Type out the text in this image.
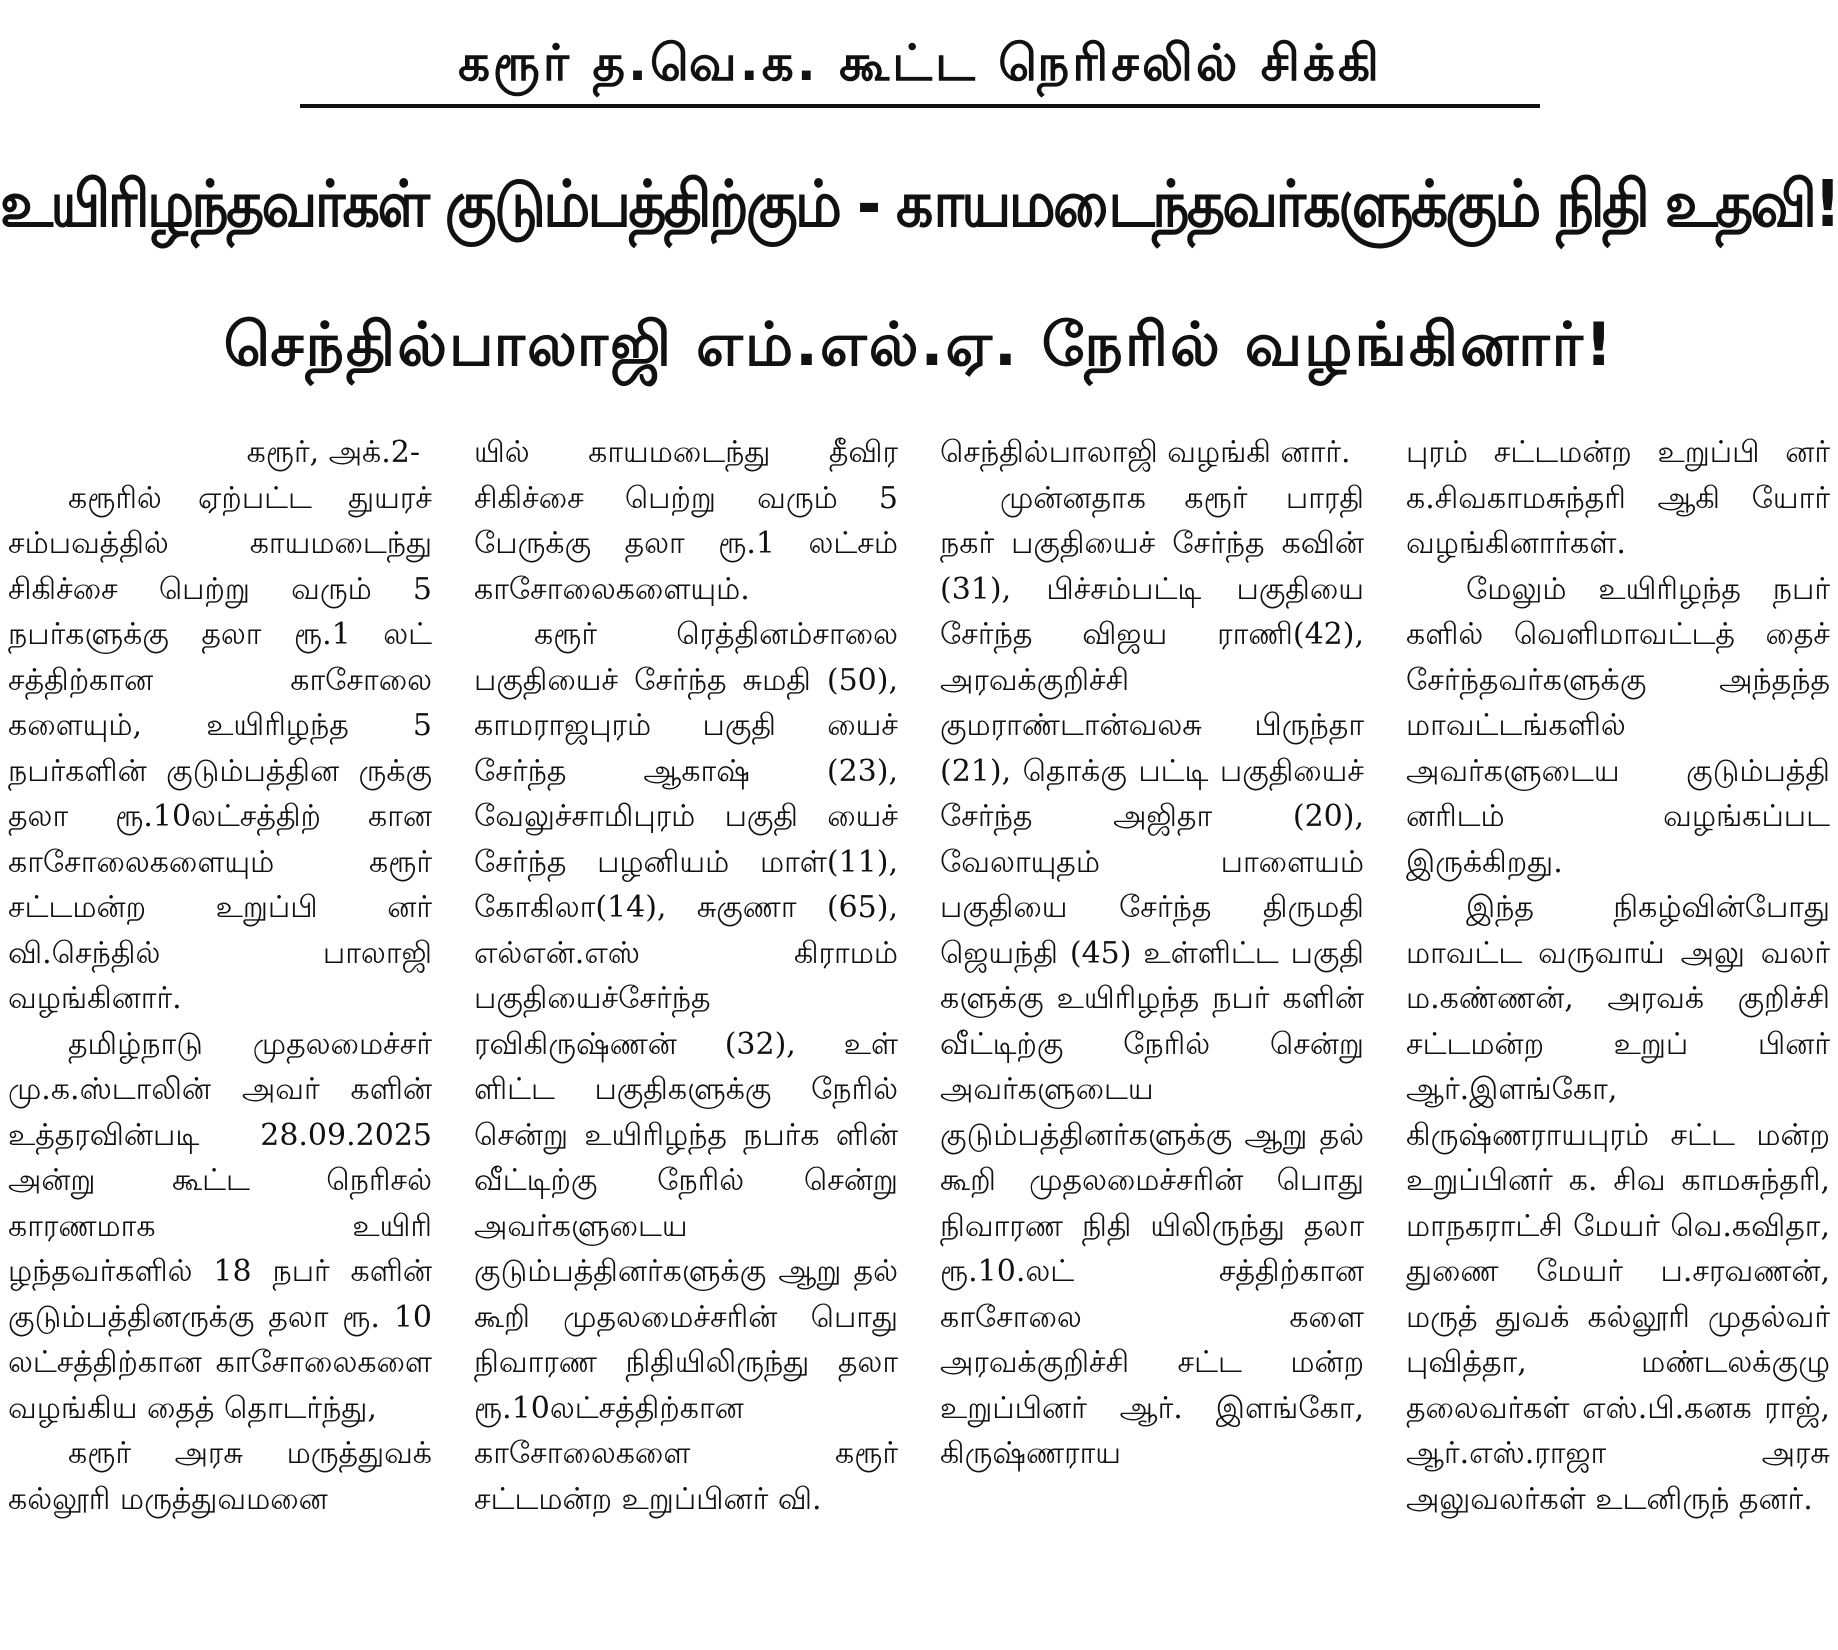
கரூர் த.வெ.க. கூட்ட நெரிசலில் சிக்கி
உயிரிழந்தவர்கள் குடும்பத்திற்கும் - காயமடைந்தவர்களுக்கும் நிதி உதவி!
செந்தில்பாலாஜி எம்.எல்.ஏ. நேரில் வழங்கினார்!
கரூர், அக்.2-

கரூரில் ஏற்பட்ட துயரச் சம்பவத்தில் காயமடைந்து சிகிச்சை பெற்று வரும் 5 நபர்களுக்கு தலா ரூ.1 லட் சத்திற்கான காசோலை களையும், உயிரிழந்த 5 நபர்களின் குடும்பத்தின ருக்கு தலா ரூ.10லட்சத்திற் கான காசோலைகளையும் கரூர் சட்டமன்ற உறுப்பி னர் வி.செந்தில் பாலாஜி வழங்கினார்.

தமிழ்நாடு முதலமைச்சர் மு.க.ஸ்டாலின் அவர் களின் உத்தரவின்படி 28.09.2025 அன்று கூட்ட நெரிசல் காரணமாக உயிரி ழந்தவர்களில் 18 நபர் களின் குடும்பத்தினருக்கு தலா ரூ. 10 லட்சத்திற்கான காசோலைகளை வழங்கிய தைத் தொடர்ந்து,

கரூர் அரசு மருத்துவக் கல்லூரி மருத்துவமனை

யில் காயமடைந்து தீவிர சிகிச்சை பெற்று வரும் 5 பேருக்கு தலா ரூ.1 லட்சம் காசோலைகளையும்.

கரூர் ரெத்தினம்சாலை பகுதியைச் சேர்ந்த சுமதி (50), காமராஜபுரம் பகுதி யைச் சேர்ந்த ஆகாஷ் (23), வேலுச்சாமிபுரம் பகுதி யைச் சேர்ந்த பழனியம் மாள்(11), கோகிலா(14), சுகுணா (65), எல்என்.எஸ் கிராமம் பகுதியைச்சேர்ந்த ரவிகிருஷ்ணன் (32), உள் ளிட்ட பகுதிகளுக்கு நேரில் சென்று உயிரிழந்த நபர்க ளின் வீட்டிற்கு நேரில் சென்று அவர்களுடைய குடும்பத்தினர்களுக்கு ஆறு தல் கூறி முதலமைச்சரின் பொது நிவாரண நிதியிலிருந்து தலா ரூ.10லட்சத்திற்கான காசோலைகளை கரூர் சட்டமன்ற உறுப்பினர் வி.

செந்தில்பாலாஜி வழங்கி னார்.

முன்னதாக கரூர் பாரதி நகர் பகுதியைச் சேர்ந்த கவின் (31), பிச்சம்பட்டி பகுதியை சேர்ந்த விஜய ராணி(42), அரவக்குறிச்சி குமராண்டான்வலசு பிருந்தா (21), தொக்கு பட்டி பகுதியைச் சேர்ந்த அஜிதா (20), வேலாயுதம் பாளையம் பகுதியை சேர்ந்த திருமதி ஜெயந்தி (45) உள்ளிட்ட பகுதி களுக்கு உயிரிழந்த நபர் களின் வீட்டிற்கு நேரில் சென்று அவர்களுடைய குடும்பத்தினர்களுக்கு ஆறு தல் கூறி முதலமைச்சரின் பொது நிவாரண நிதி யிலிருந்து தலா ரூ.10.லட் சத்திற்கான காசோலை களை அரவக்குறிச்சி சட்ட மன்ற உறுப்பினர் ஆர். இளங்கோ, கிருஷ்ணராய

புரம் சட்டமன்ற உறுப்பி னர் க.சிவகாமசுந்தரி ஆகி யோர் வழங்கினார்கள்.

மேலும் உயிரிழந்த நபர் களில் வெளிமாவட்டத் தைச் சேர்ந்தவர்களுக்கு அந்தந்த மாவட்டங்களில் அவர்களுடைய குடும்பத்தி னரிடம் வழங்கப்பட இருக்கிறது.

இந்த நிகழ்வின்போது மாவட்ட வருவாய் அலு வலர் ம.கண்ணன், அரவக் குறிச்சி சட்டமன்ற உறுப் பினர் ஆர்.இளங்கோ, கிருஷ்ணராயபுரம் சட்ட மன்ற உறுப்பினர் க. சிவ காமசுந்தரி, மாநகராட்சி மேயர் வெ.கவிதா, துணை மேயர் ப.சரவணன், மருத் துவக் கல்லூரி முதல்வர் புவித்தா, மண்டலக்குழு தலைவர்கள் எஸ்.பி.கனக ராஜ், ஆர்.எஸ்.ராஜா அரசு அலுவலர்கள் உடனிருந் தனர்.
